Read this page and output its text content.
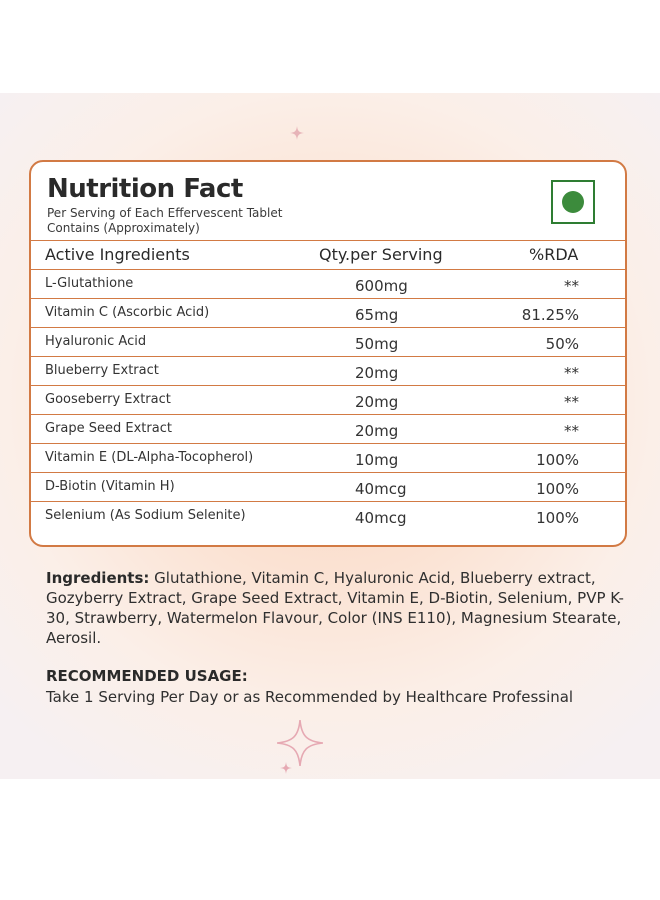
Nutrition Fact

Per Serving of Each Effervescent Tablet Contains (Approximately)

Active Ingredients	Qty.per Serving	%RDA
L-Glutathione	600mg	**
Vitamin C (Ascorbic Acid)	65mg	81.25%
Hyaluronic Acid	50mg	50%
Blueberry Extract	20mg	**
Gooseberry Extract	20mg	**
Grape Seed Extract	20mg	**
Vitamin E (DL-Alpha-Tocopherol)	10mg	100%
D-Biotin (Vitamin H)	40mcg	100%
Selenium (As Sodium Selenite)	40mcg	100%

Ingredients: Glutathione, Vitamin C, Hyaluronic Acid, Blueberry extract, Gozyberry Extract, Grape Seed Extract, Vitamin E, D-Biotin, Selenium, PVP K-30, Strawberry, Watermelon Flavour, Color (INS E110), Magnesium Stearate, Aerosil.

RECOMMENDED USAGE:

Take 1 Serving Per Day or as Recommended by Healthcare Professinal
